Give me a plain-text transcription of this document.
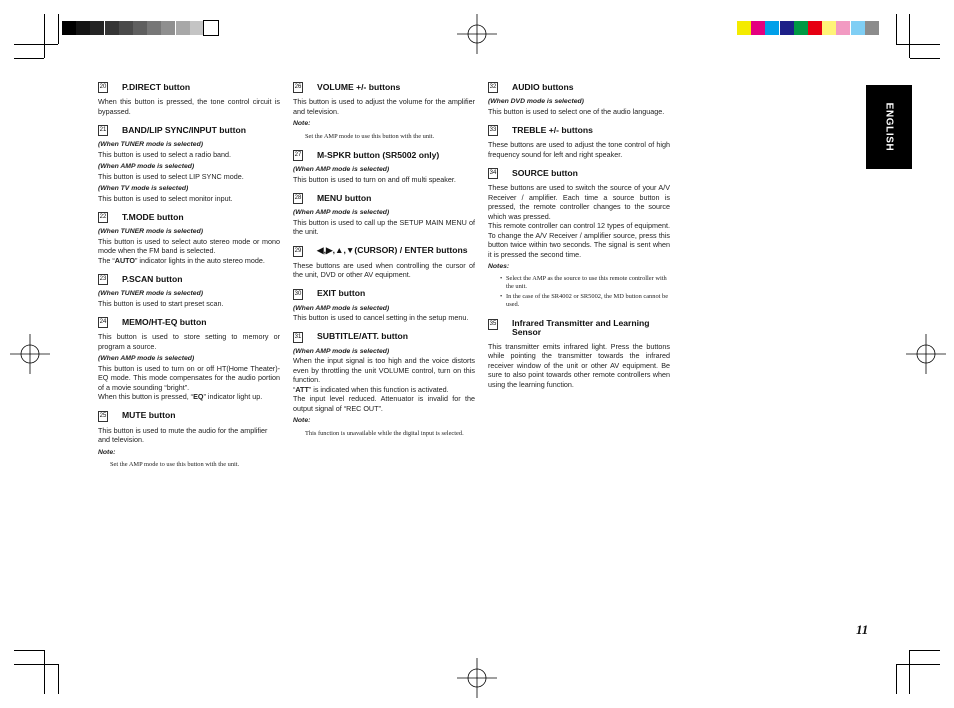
ENGLISH
20 P.DIRECT button
When this button is pressed, the tone control circuit is bypassed.
21 BAND/LIP SYNC/INPUT button
(When TUNER mode is selected)
This button is used to select a radio band.
(When AMP mode is selected)
This button is used to select LIP SYNC mode.
(When TV mode is selected)
This button is used to select monitor input.
22 T.MODE button
(When TUNER mode is selected)
This button is used to select auto stereo mode or mono mode when the FM band is selected.
The “AUTO” indicator lights in the auto stereo mode.
23 P.SCAN button
(When TUNER mode is selected)
This button is used to start preset scan.
24 MEMO/HT-EQ button
This button is used to store setting to memory or program a source.
(When AMP mode is selected)
This button is used to turn on or off HT(Home Theater)-EQ mode. This mode compensates for the audio portion of a movie sounding “bright”.
When this button is pressed, “EQ” indicator light up.
25 MUTE button
This button is used to mute the audio for the amplifier and television.
Note:
Set the AMP mode to use this button with the unit.
26 VOLUME +/- buttons
This button is used to adjust the volume for the amplifier and television.
Note:
Set the AMP mode to use this button with the unit.
27 M-SPKR button (SR5002 only)
(When AMP mode is selected)
This button is used to turn on and off multi speaker.
28 MENU button
(When AMP mode is selected)
This button is used to call up the SETUP MAIN MENU of the unit.
29 ◀,▶,▲,▼(CURSOR) / ENTER buttons
These buttons are used when controlling the cursor of the unit, DVD or other AV equipment.
30 EXIT button
(When AMP mode is selected)
This button is used to cancel setting in the setup menu.
31 SUBTITLE/ATT. button
(When AMP mode is selected)
When the input signal is too high and the voice distorts even by throttling the unit VOLUME control, turn on this function.
“ATT” is indicated when this function is activated.
The input level reduced. Attenuator is invalid for the output signal of “REC OUT”.
Note:
This function is unavailable while the digital input is selected.
32 AUDIO buttons
(When DVD mode is selected)
This button is used to select one of the audio language.
33 TREBLE +/- buttons
These buttons are used to adjust the tone control of high frequency sound for left and right speaker.
34 SOURCE button
These buttons are used to switch the source of your A/V Receiver / amplifier. Each time a source button is pressed, the remote controller changes to the source which was pressed.
This remote controller can control 12 types of equipment. To change the A/V Receiver / amplifier source, press this button twice within two seconds. The signal is sent when it is pressed the second time.
Notes:
• Select the AMP as the source to use this remote controller with the unit.
• In the case of the SR4002 or SR5002, the MD button cannot be used.
35 Infrared Transmitter and Learning Sensor
This transmitter emits infrared light. Press the buttons while pointing the transmitter towards the infrared receiver window of the unit or other AV equipment. Be sure to also point towards other remote controllers when using the learning function.
11
